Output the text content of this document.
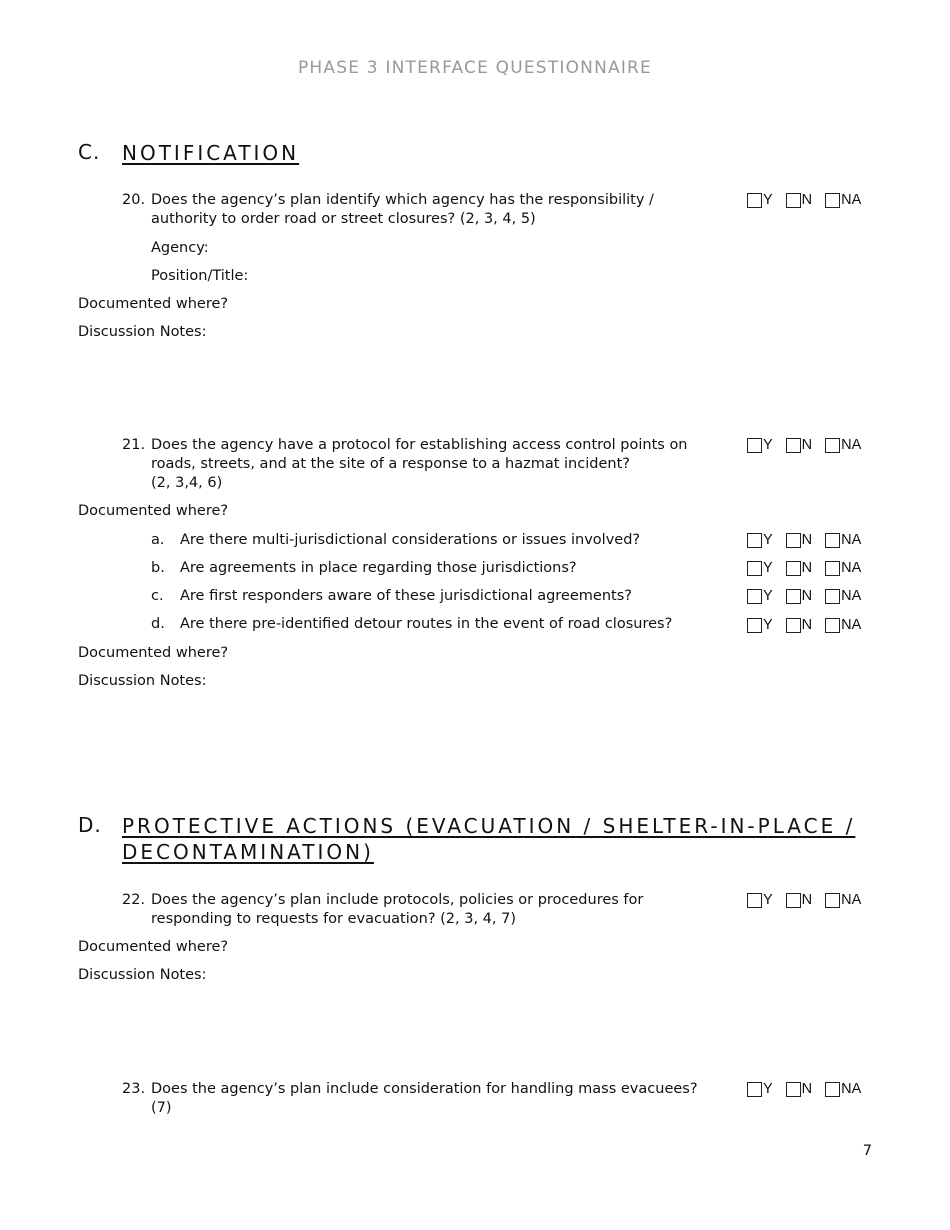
PHASE 3 INTERFACE QUESTIONNAIRE
C. NOTIFICATION
20. Does the agency’s plan identify which agency has the responsibility /
authority to order road or street closures? (2, 3, 4, 5)
Y N NA
Agency:
Position/Title:
Documented where?
Discussion Notes:
21. Does the agency have a protocol for establishing access control points on
roads, streets, and at the site of a response to a hazmat incident?
(2, 3,4, 6)
Y N NA
Documented where?
a. Are there multi-jurisdictional considerations or issues involved?	Y N NA
b. Are agreements in place regarding those jurisdictions?	Y N NA
c. Are first responders aware of these jurisdictional agreements?	Y N NA
d. Are there pre-identified detour routes in the event of road closures?	Y N NA
Documented where?
Discussion Notes:
D. PROTECTIVE ACTIONS (EVACUATION / SHELTER-IN-PLACE /
DECONTAMINATION)
22. Does the agency’s plan include protocols, policies or procedures for
responding to requests for evacuation? (2, 3, 4, 7)
Y N NA
Documented where?
Discussion Notes:
23. Does the agency’s plan include consideration for handling mass evacuees?
(7)
Y N NA
7
